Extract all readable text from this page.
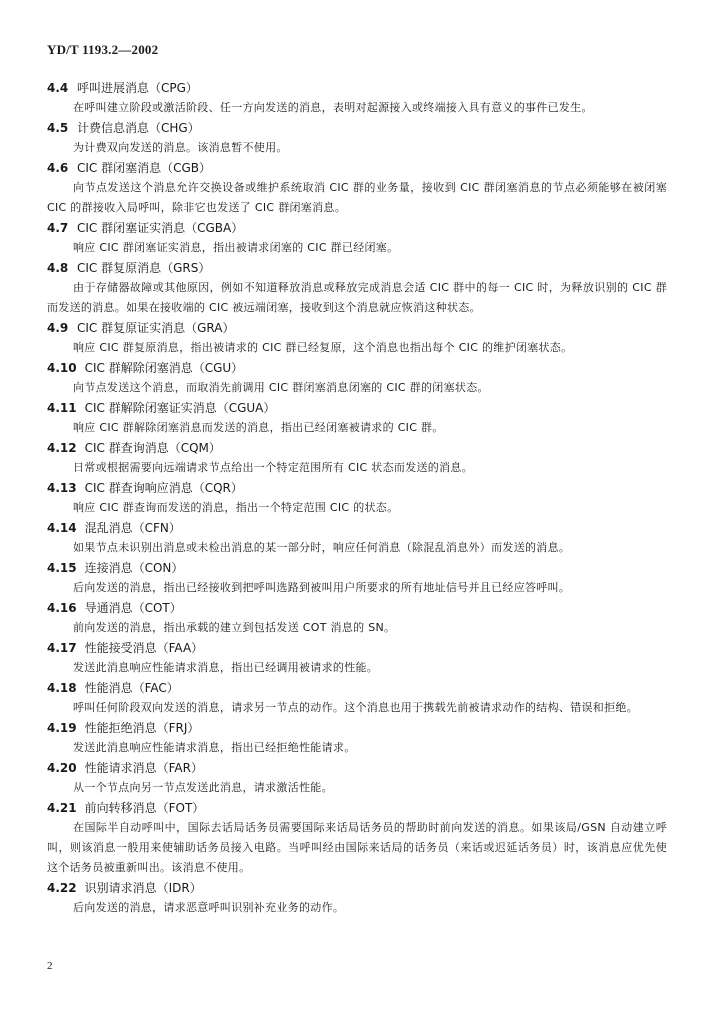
YD/T 1193.2—2002
4.4 呼叫进展消息（CPG）

在呼叫建立阶段或激活阶段、任一方向发送的消息，表明对起源接入或终端接入具有意义的事件已发生。

4.5 计费信息消息（CHG）

为计费双向发送的消息。该消息暂不使用。

4.6 CIC 群闭塞消息（CGB）

向节点发送这个消息允许交换设备或维护系统取消 CIC 群的业务量，接收到 CIC 群闭塞消息的节点必须能够在被闭塞 CIC 的群接收入局呼叫，除非它也发送了 CIC 群闭塞消息。

4.7 CIC 群闭塞证实消息（CGBA）

响应 CIC 群闭塞证实消息，指出被请求闭塞的 CIC 群已经闭塞。

4.8 CIC 群复原消息（GRS）

由于存储器故障或其他原因，例如不知道释放消息或释放完成消息会适 CIC 群中的每一 CIC 时，为释放识别的 CIC 群而发送的消息。如果在接收端的 CIC 被远端闭塞，接收到这个消息就应恢消这种状态。

4.9 CIC 群复原证实消息（GRA）

响应 CIC 群复原消息，指出被请求的 CIC 群已经复原，这个消息也指出每个 CIC 的维护闭塞状态。

4.10 CIC 群解除闭塞消息（CGU）

向节点发送这个消息，而取消先前调用 CIC 群闭塞消息闭塞的 CIC 群的闭塞状态。

4.11 CIC 群解除闭塞证实消息（CGUA）

响应 CIC 群解除闭塞消息而发送的消息，指出已经闭塞被请求的 CIC 群。

4.12 CIC 群查询消息（CQM）

日常或根据需要向远端请求节点给出一个特定范围所有 CIC 状态而发送的消息。

4.13 CIC 群查询响应消息（CQR）

响应 CIC 群查询而发送的消息，指出一个特定范围 CIC 的状态。

4.14 混乱消息（CFN）

如果节点未识别出消息或未检出消息的某一部分时，响应任何消息（除混乱消息外）而发送的消息。

4.15 连接消息（CON）

后向发送的消息，指出已经接收到把呼叫选路到被叫用户所要求的所有地址信号并且已经应答呼叫。

4.16 导通消息（COT）

前向发送的消息，指出承载的建立到包括发送 COT 消息的 SN。

4.17 性能接受消息（FAA）

发送此消息响应性能请求消息，指出已经调用被请求的性能。

4.18 性能消息（FAC）

呼叫任何阶段双向发送的消息，请求另一节点的动作。这个消息也用于携载先前被请求动作的结构、错误和拒绝。

4.19 性能拒绝消息（FRJ）

发送此消息响应性能请求消息，指出已经拒绝性能请求。

4.20 性能请求消息（FAR）

从一个节点向另一节点发送此消息，请求激活性能。

4.21 前向转移消息（FOT）

在国际半自动呼叫中，国际去话局话务员需要国际来话局话务员的帮助时前向发送的消息。如果该局/GSN 自动建立呼叫，则该消息一般用来使辅助话务员接入电路。当呼叫经由国际来话局的话务员（来话或迟延话务员）时，该消息应优先使这个话务员被重新叫出。该消息不使用。

4.22 识别请求消息（IDR）

后向发送的消息，请求恶意呼叫识别补充业务的动作。

2
